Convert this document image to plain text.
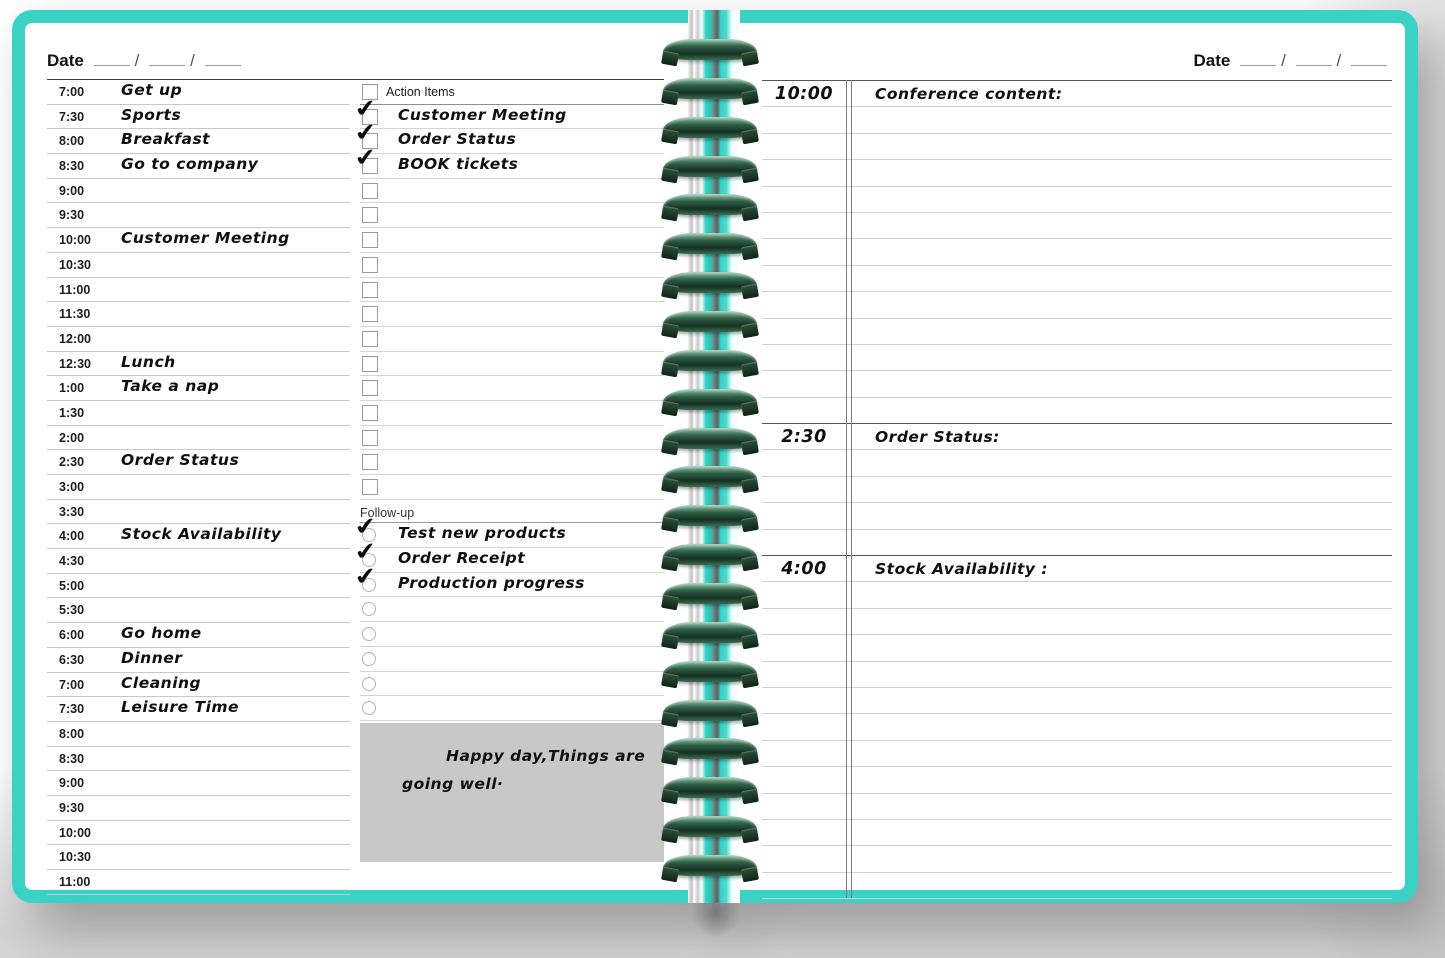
Date	/	/
7:00 Get up
7:30 Sports
8:00 Breakfast
8:30 Go to company
9:00
9:30
10:00 Customer Meeting
10:30
11:00
11:30
12:00
12:30 Lunch
1:00 Take a nap
1:30
2:00
2:30 Order Status
3:00
3:30
4:00 Stock Availability
4:30
5:00
5:30
6:00 Go home
6:30 Dinner
7:00 Cleaning
7:30 Leisure Time
8:00
8:30
9:00
9:30
10:00
10:30
11:00
Action Items
✔ Customer Meeting
✔ Order Status
✔ BOOK tickets
Follow-up
✔ Test new products
✔ Order Receipt
✔ Production progress
Happy day,Things are
going well·
Date	/	/
10:00	Conference content:
2:30	Order Status:
4:00	Stock Availability :
